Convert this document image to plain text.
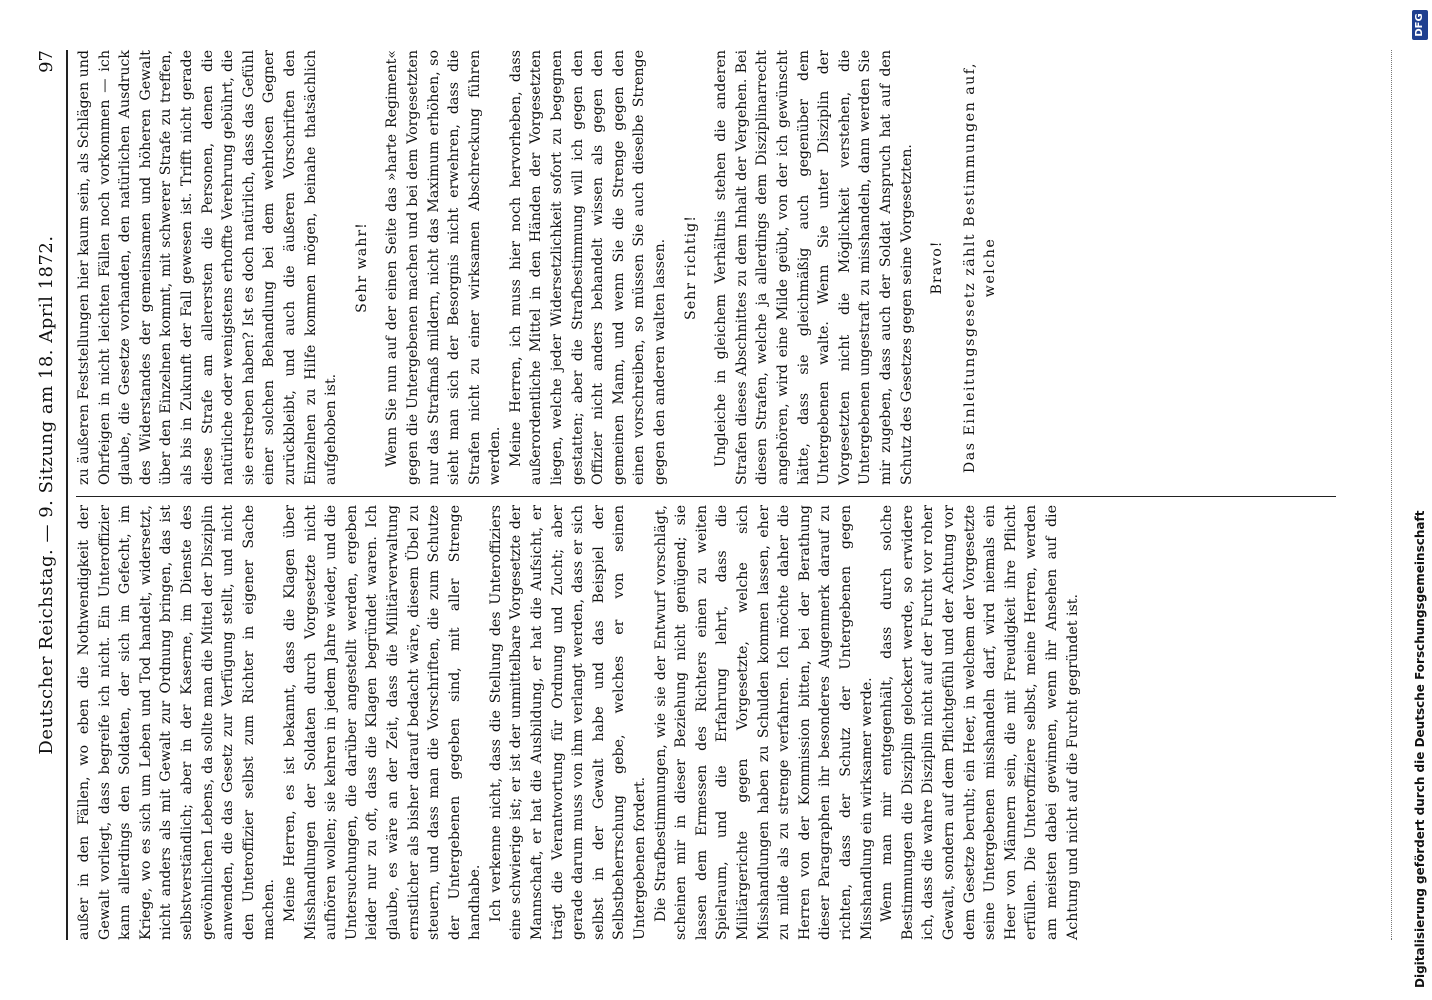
Deutscher Reichstag. — 9. Sitzung am 18. April 1872.
97

außer in den Fällen, wo eben die Nothwendigkeit der Gewalt vorliegt, dass begreife ich nicht. Ein Unteroffizier kann allerdings den Soldaten, der sich im Gefecht, im Kriege, wo es sich um Leben und Tod handelt, widersetzt, nicht anders als mit Gewalt zur Ordnung bringen, das ist selbstverständlich; aber in der Kaserne, im Dienste des gewöhnlichen Lebens, da sollte man die Mittel der Disziplin anwenden, die das Gesetz zur Verfügung stellt, und nicht den Unteroffizier selbst zum Richter in eigener Sache machen. Meine Herren, es ist bekannt, dass die Klagen über Misshandlungen der Soldaten durch Vorgesetzte nicht aufhören wollen; sie kehren in jedem Jahre wieder, und die Untersuchungen, die darüber angestellt werden, ergeben leider nur zu oft, dass die Klagen begründet waren. Ich glaube, es wäre an der Zeit, dass die Militärverwaltung ernstlicher als bisher darauf bedacht wäre, diesem Übel zu steuern, und dass man die Vorschriften, die zum Schutze der Untergebenen gegeben sind, mit aller Strenge handhabe. Ich verkenne nicht, dass die Stellung des Unteroffiziers eine schwierige ist; er ist der unmittelbare Vorgesetzte der Mannschaft, er hat die Ausbildung, er hat die Aufsicht, er trägt die Verantwortung für Ordnung und Zucht; aber gerade darum muss von ihm verlangt werden, dass er sich selbst in der Gewalt habe und das Beispiel der Selbstbeherrschung gebe, welches er von seinen Untergebenen fordert. Die Strafbestimmungen, wie sie der Entwurf vorschlägt, scheinen mir in dieser Beziehung nicht genügend; sie lassen dem Ermessen des Richters einen zu weiten Spielraum, und die Erfahrung lehrt, dass die Militärgerichte gegen Vorgesetzte, welche sich Misshandlungen haben zu Schulden kommen lassen, eher zu milde als zu strenge verfahren. Ich möchte daher die Herren von der Kommission bitten, bei der Berathung dieser Paragraphen ihr besonderes Augenmerk darauf zu richten, dass der Schutz der Untergebenen gegen Misshandlung ein wirksamer werde. Wenn man mir entgegenhält, dass durch solche Bestimmungen die Disziplin gelockert werde, so erwidere ich, dass die wahre Disziplin nicht auf der Furcht vor roher Gewalt, sondern auf dem Pflichtgefühl und der Achtung vor dem Gesetze beruht; ein Heer, in welchem der Vorgesetzte seine Untergebenen misshandeln darf, wird niemals ein Heer von Männern sein, die mit Freudigkeit ihre Pflicht erfüllen. Die Unteroffiziere selbst, meine Herren, werden am meisten dabei gewinnen, wenn ihr Ansehen auf die Achtung und nicht auf die Furcht gegründet ist.

zu äußeren Feststellungen hier kaum sein, als Schlägen und Ohrfeigen in nicht leichten Fällen noch vorkommen — ich glaube, die Gesetze vorhanden, den natürlichen Ausdruck des Widerstandes der gemeinsamen und höheren Gewalt über den Einzelnen kommt, mit schwerer Strafe zu treffen, als bis in Zukunft der Fall gewesen ist. Trifft nicht gerade diese Strafe am allerersten die Personen, denen die natürliche oder wenigstens erhoffte Verehrung gebührt, die sie erstreben haben? Ist es doch natürlich, dass das Gefühl einer solchen Behandlung bei dem wehrlosen Gegner zurückbleibt, und auch die äußeren Vorschriften den Einzelnen zu Hilfe kommen mögen, beinahe thatsächlich aufgehoben ist.

Sehr wahr! Wenn Sie nun auf der einen Seite das »harte Regiment« gegen die Untergebenen machen und bei dem Vorgesetzten nur das Strafmaß mildern, nicht das Maximum erhöhen, so sieht man sich der Besorgnis nicht erwehren, dass die Strafen nicht zu einer wirksamen Abschreckung führen werden. Meine Herren, ich muss hier noch hervorheben, dass außerordentliche Mittel in den Händen der Vorgesetzten liegen, welche jeder Widersetzlichkeit sofort zu begegnen gestatten; aber die Strafbestimmung will ich gegen den Offizier nicht anders behandelt wissen als gegen den gemeinen Mann, und wenn Sie die Strenge gegen den einen vorschreiben, so müssen Sie auch dieselbe Strenge gegen den anderen walten lassen. Sehr richtig! Ungleiche in gleichem Verhältnis stehen die anderen Strafen dieses Abschnittes zu dem Inhalt der Vergehen. Bei diesen Strafen, welche ja allerdings dem Disziplinarrecht angehören, wird eine Milde geübt, von der ich gewünscht hätte, dass sie gleichmäßig auch gegenüber dem Untergebenen walte. Wenn Sie unter Disziplin der Vorgesetzten nicht die Möglichkeit verstehen, die Untergebenen ungestraft zu misshandeln, dann werden Sie mir zugeben, dass auch der Soldat Anspruch hat auf den Schutz des Gesetzes gegen seine Vorgesetzten. Bravo! Das Einleitungsgesetz zählt Bestimmungen auf, welche

Digitalisierung gefördert durch die Deutsche Forschungsgemeinschaft
DFG
